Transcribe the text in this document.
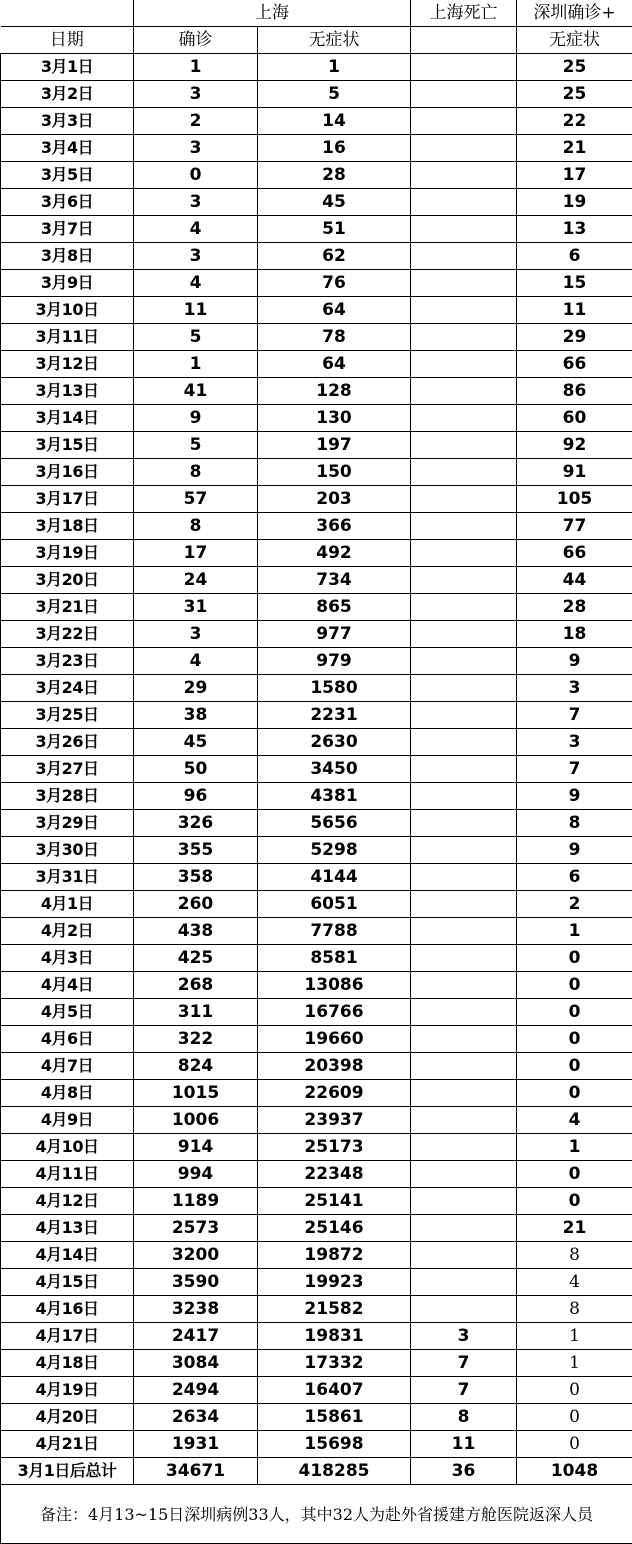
	上海		上海死亡	深圳确诊+
日期	确诊	无症状		无症状
3月1日	1	1		25
3月2日	3	5		25
3月3日	2	14		22
3月4日	3	16		21
3月5日	0	28		17
3月6日	3	45		19
3月7日	4	51		13
3月8日	3	62		6
3月9日	4	76		15
3月10日	11	64		11
3月11日	5	78		29
3月12日	1	64		66
3月13日	41	128		86
3月14日	9	130		60
3月15日	5	197		92
3月16日	8	150		91
3月17日	57	203		105
3月18日	8	366		77
3月19日	17	492		66
3月20日	24	734		44
3月21日	31	865		28
3月22日	3	977		18
3月23日	4	979		9
3月24日	29	1580		3
3月25日	38	2231		7
3月26日	45	2630		3
3月27日	50	3450		7
3月28日	96	4381		9
3月29日	326	5656		8
3月30日	355	5298		9
3月31日	358	4144		6
4月1日	260	6051		2
4月2日	438	7788		1
4月3日	425	8581		0
4月4日	268	13086		0
4月5日	311	16766		0
4月6日	322	19660		0
4月7日	824	20398		0
4月8日	1015	22609		0
4月9日	1006	23937		4
4月10日	914	25173		1
4月11日	994	22348		0
4月12日	1189	25141		0
4月13日	2573	25146		21
4月14日	3200	19872		8
4月15日	3590	19923		4
4月16日	3238	21582		8
4月17日	2417	19831	3	1
4月18日	3084	17332	7	1
4月19日	2494	16407	7	0
4月20日	2634	15861	8	0
4月21日	1931	15698	11	0
3月1日后总计	34671	418285	36	1048
备注：4月13~15日深圳病例33人，其中32人为赴外省援建方舱医院返深人员				
